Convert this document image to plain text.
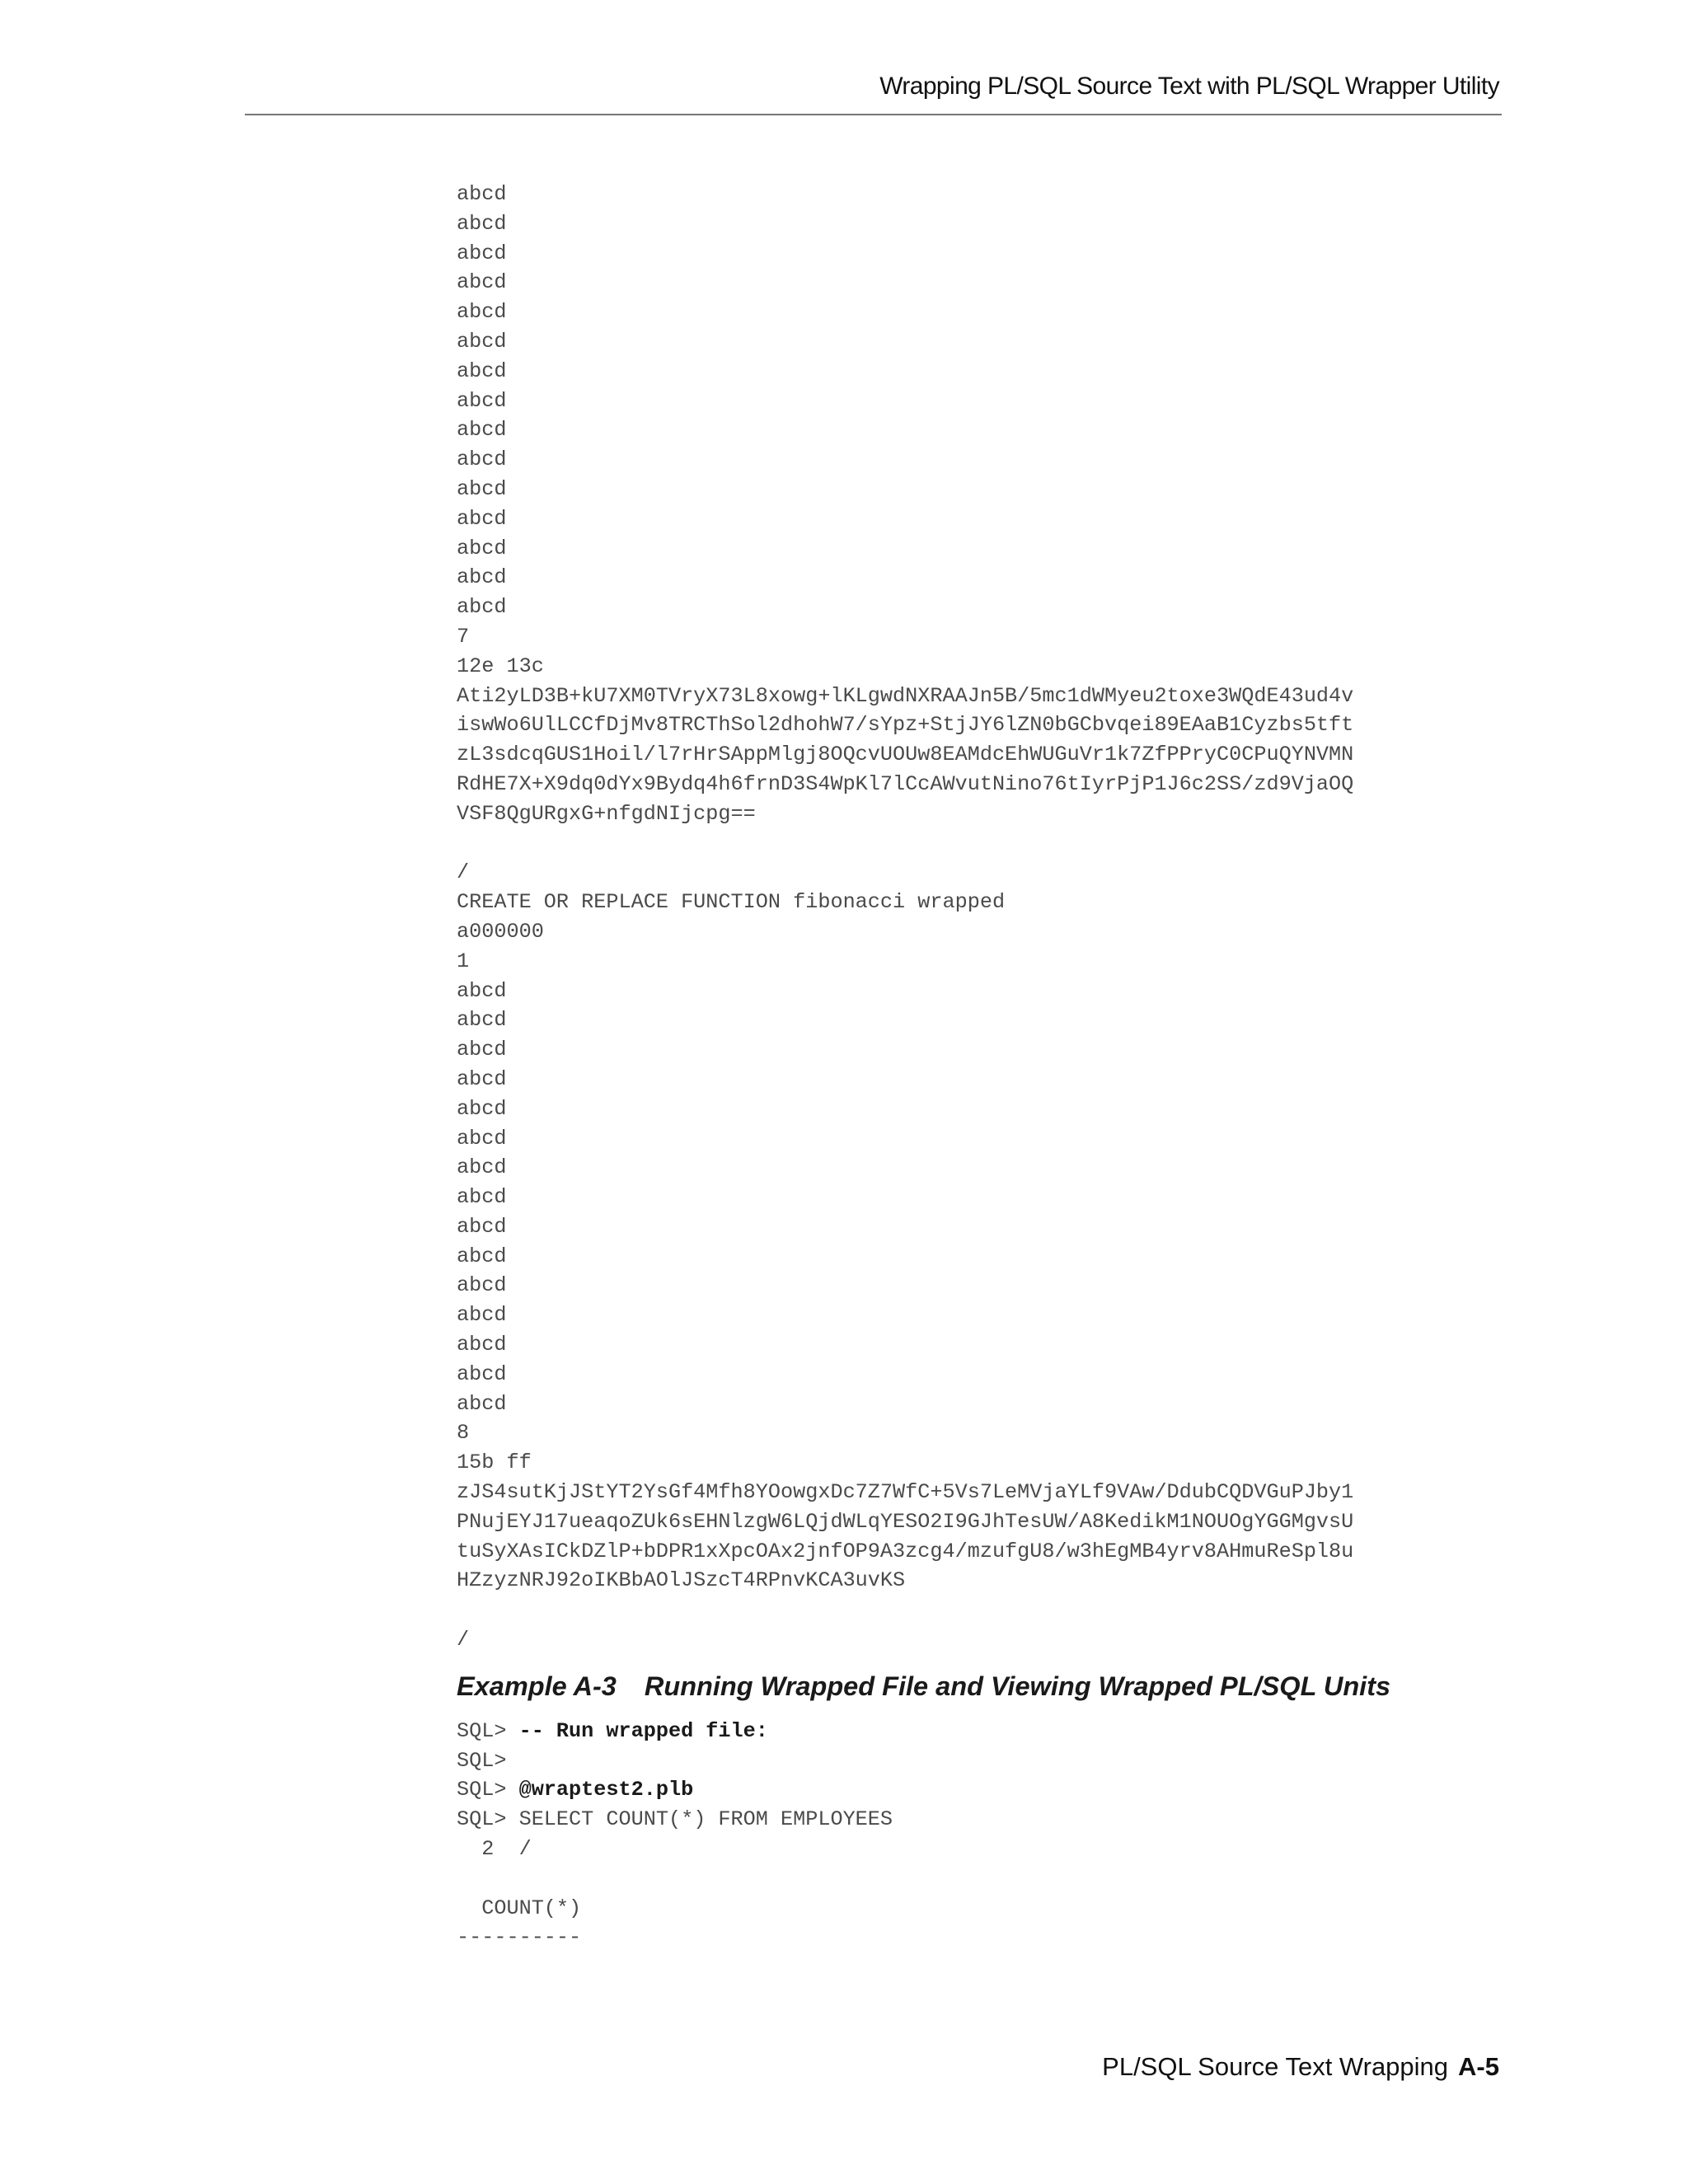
Wrapping PL/SQL Source Text with PL/SQL Wrapper Utility
abcd
abcd
abcd
abcd
abcd
abcd
abcd
abcd
abcd
abcd
abcd
abcd
abcd
abcd
abcd
7
12e 13c
Ati2yLD3B+kU7XM0TVryX73L8xowg+lKLgwdNXRAAJn5B/5mc1dWMyeu2toxe3WQdE43ud4v
iswWo6UlLCCfDjMv8TRCThSol2dhohW7/sYpz+StjJY6lZN0bGCbvqei89EAaB1Cyzbs5tft
zL3sdcqGUS1Hoil/l7rHrSAppMlgj8OQcvUOUw8EAMdcEhWUGuVr1k7ZfPPryC0CPuQYNVMN
RdHE7X+X9dq0dYx9Bydq4h6frnD3S4WpKl7lCcAWvutNino76tIyrPjP1J6c2SS/zd9VjaOQ
VSF8QgURgxG+nfgdNIjcpg==
/
CREATE OR REPLACE FUNCTION fibonacci wrapped
a000000
1
abcd
abcd
abcd
abcd
abcd
abcd
abcd
abcd
abcd
abcd
abcd
abcd
abcd
abcd
abcd
8
15b ff
zJS4sutKjJStYT2YsGf4Mfh8YOowgxDc7Z7WfC+5Vs7LeMVjaYLf9VAw/DdubCQDVGuPJby1
PNujEYJ17ueaqoZUk6sEHNlzgW6LQjdWLqYESO2I9GJhTesUW/A8KedikM1NOUOgYGGMgvsU
tuSyXAsICkDZlP+bDPR1xXpcOAx2jnfOP9A3zcg4/mzufgU8/w3hEgMB4yrv8AHmuReSpl8u
HZzyzNRJ92oIKBbAOlJSzcT4RPnvKCA3uvKS
/
Example A-3 Running Wrapped File and Viewing Wrapped PL/SQL Units
SQL> -- Run wrapped file:
SQL>
SQL> @wraptest2.plb
SQL> SELECT COUNT(*) FROM EMPLOYEES
2  /
COUNT(*)
----------
PL/SQL Source Text Wrapping A-5
